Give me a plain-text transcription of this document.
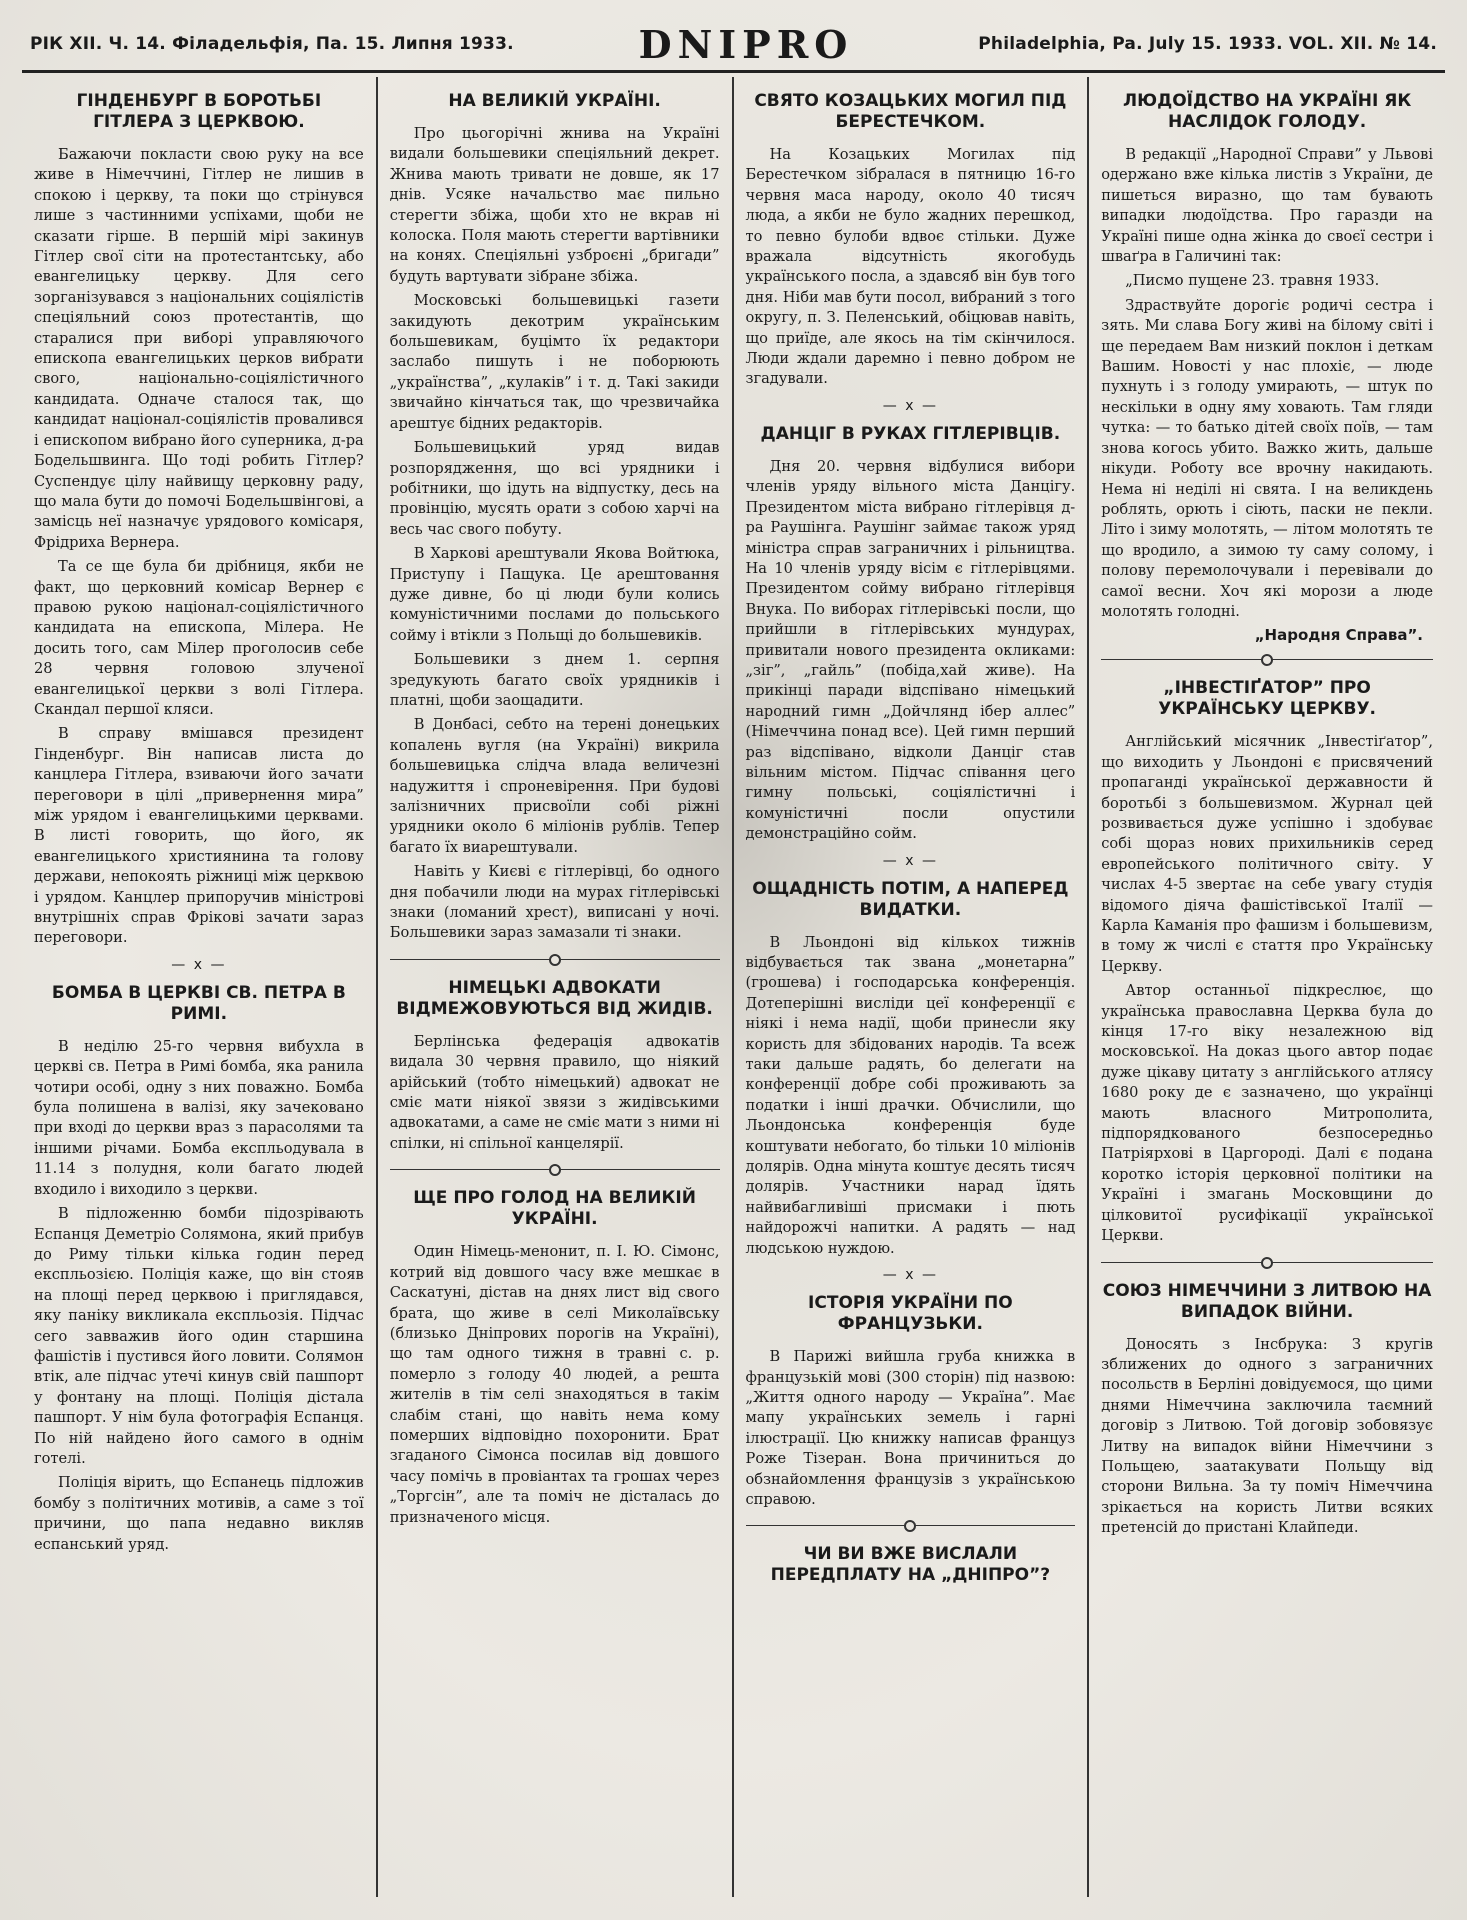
РІК XII. Ч. 14. Філадельфія, Па. 15. Липня 1933.	DNIPRO	Philadelphia, Pa. July 15. 1933. VOL. XII. № 14.
ГІНДЕНБУРГ В БОРОТЬБІ ГІТЛЕРА З ЦЕРКВОЮ.

Бажаючи покласти свою руку на все живе в Німеччині, Гітлер не лишив в спокою і церкву, та поки що стрінувся лише з частинними успіхами, щоби не сказати гірше. В першій мірі закинув Гітлер свої сіти на протестантську, або евангелицьку церкву. Для сего зорганізувався з національних соціялістів спеціяльний союз протестантів, що старалися при виборі управляючого епископа евангелицьких церков вибрати свого, національно-соціялістичного кандидата. Одначе сталося так, що кандидат націонал-соціялістів провалився і епископом вибрано його суперника, д-ра Бодельшвинга. Що тоді робить Гітлер? Суспендує цілу найвищу церковну раду, що мала бути до помочі Бодельшвінгові, а замісць неї назначує урядового комісаря, Фрідриха Вернера.

Та се ще була би дрібниця, якби не факт, що церковний комісар Вернер є правою рукою націонал-соціялістичного кандидата на епископа, Мілера. Не досить того, сам Мілер проголосив себе 28 червня головою злученої евангелицької церкви з волі Гітлера. Скандал першої кляси.

В справу вмішався президент Гінденбург. Він написав листа до канцлера Гітлера, взиваючи його зачати переговори в цілі „привернення мира” між урядом і евангелицькими церквами. В листі говорить, що його, як евангелицького християнина та голову держави, непокоять ріжниці між церквою і урядом. Канцлер припоручив міністрові внутрішніх справ Фрікові зачати зараз переговори.

— x —
БОМБА В ЦЕРКВІ СВ. ПЕТРА В РИМІ.

В неділю 25-го червня вибухла в церкві св. Петра в Римі бомба, яка ранила чотири особі, одну з них поважно. Бомба була полишена в валізі, яку зачековано при вході до церкви враз з парасолями та іншими річами. Бомба експльодувала в 11.14 з полудня, коли багато людей входило і виходило з церкви.

В підложенню бомби підозрівають Еспанця Деметріо Солямона, який прибув до Риму тільки кілька годин перед експльозією. Поліція каже, що він стояв на площі перед церквою і приглядався, яку паніку викликала експльозія. Підчас сего завважив його один старшина фашістів і пустився його ловити. Солямон втік, але підчас утечі кинув свій пашпорт у фонтану на площі. Поліція дістала пашпорт. У нім була фотографія Еспанця. По ній найдено його самого в однім готелі.

Поліція вірить, що Еспанець підложив бомбу з політичних мотивів, а саме з тої причини, що папа недавно викляв еспанський уряд.

НА ВЕЛИКІЙ УКРАЇНІ.

Про цьогорічні жнива на Україні видали большевики спеціяльний декрет. Жнива мають тривати не довше, як 17 днів. Усяке начальство має пильно стерегти збіжа, щоби хто не вкрав ні колоска. Поля мають стерегти вартівники на конях. Спеціяльні узброєні „бригади” будуть вартувати зібране збіжа.

Московські большевицькі газети закидують декотрим українським большевикам, буцімто їх редактори заслабо пишуть і не поборюють „українства”, „кулаків” і т. д. Такі закиди звичайно кінчаться так, що чрезвичайка арештує бідних редакторів.

Большевицький уряд видав розпорядження, що всі урядники і робітники, що ідуть на відпустку, десь на провінцію, мусять орати з собою харчі на весь час свого побуту.

В Харкові арештували Якова Войтюка, Приступу і Пащука. Це арештовання дуже дивне, бо ці люди були колись комуністичними послами до польського сойму і втікли з Польщі до большевиків.

Большевики з днем 1. серпня зредукують багато своїх урядників і платні, щоби заощадити.

В Донбасі, себто на терені донецьких копалень вугля (на Україні) викрила большевицька слідча влада величезні надужиття і спроневірення. При будові залізничних присвоїли собі ріжні урядники около 6 міліонів рублів. Тепер багато їх виарештували.

Навіть у Києві є гітлерівці, бо одного дня побачили люди на мурах гітлерівські знаки (ломаний хрест), виписані у ночі. Большевики зараз замазали ті знаки.

НІМЕЦЬКІ АДВОКАТИ ВІДМЕЖОВУЮТЬСЯ ВІД ЖИДІВ.

Берлінська федерація адвокатів видала 30 червня правило, що ніякий арійський (тобто німецький) адвокат не сміє мати ніякої звязи з жидівськими адвокатами, а саме не сміє мати з ними ні спілки, ні спільної канцелярії.

ЩЕ ПРО ГОЛОД НА ВЕЛИКІЙ УКРАЇНІ.

Один Німець-менонит, п. І. Ю. Сімонс, котрий від довшого часу вже мешкає в Саскатуні, дістав на днях лист від свого брата, що живе в селі Миколаївську (близько Дніпрових порогів на Україні), що там одного тижня в травні с. р. померло з голоду 40 людей, а решта жителів в тім селі знаходяться в такім слабім стані, що навіть нема кому померших відповідно похоронити. Брат згаданого Сімонса посилав від довшого часу помічь в провіантах та грошах через „Торгсін”, але та поміч не дісталась до призначеного місця.

СВЯТО КОЗАЦЬКИХ МОГИЛ ПІД БЕРЕСТЕЧКОМ.

На Козацьких Могилах під Берестечком зібралася в пятницю 16-го червня маса народу, около 40 тисяч люда, а якби не було жадних перешкод, то певно булоби вдвоє стільки. Дуже вражала відсутність якогобудь українського посла, а здавсяб він був того дня. Ніби мав бути посол, вибраний з того округу, п. З. Пеленський, обіцював навіть, що приїде, але якось на тім скінчилося. Люди ждали даремно і певно добром не згадували.

— x —
ДАНЦІГ В РУКАХ ГІТЛЕРІВЦІВ.

Дня 20. червня відбулися вибори членів уряду вільного міста Данцігу. Президентом міста вибрано гітлерівця д-ра Раушінга. Раушінг займає також уряд міністра справ заграничних і рільництва. На 10 членів уряду вісім є гітлерівцями. Президентом сойму вибрано гітлерівця Внука. По виборах гітлерівські посли, що прийшли в гітлерівських мундурах, привитали нового президента окликами: „зіг”, „гайль” (побіда,хай живе). На прикінці паради відспівано німецький народний гимн „Дойчлянд ібер аллес” (Німеччина понад все). Цей гимн перший раз відспівано, відколи Данціг став вільним містом. Підчас співання цего гимну польські, соціялістичні і комуністичні посли опустили демонстраційно сойм.

— x —
ОЩАДНІСТЬ ПОТІМ, А НАПЕРЕД ВИДАТКИ.

В Льондоні від кількох тижнів відбувається так звана „монетарна” (грошева) і господарська конференція. Дотеперішні висліди цеї конференції є ніякі і нема надії, щоби принесли яку користь для збідованих народів. Та всеж таки дальше радять, бо делегати на конференції добре собі проживають за податки і інші драчки. Обчислили, що Льондонська конференція буде коштувати небогато, бо тільки 10 міліонів долярів. Одна мінута коштує десять тисяч долярів. Участники нарад їдять найвибагливіші присмаки і пють найдорожчі напитки. А радять — над людською нуждою.

— x —
ІСТОРІЯ УКРАЇНИ ПО ФРАНЦУЗЬКИ.

В Парижі вийшла груба книжка в французькій мові (300 сторін) під назвою: „Життя одного народу — Україна”. Має мапу українських земель і гарні ілюстрації. Цю книжку написав француз Роже Тізеран. Вона причиниться до обзнайомлення французів з українською справою.

ЧИ ВИ ВЖЕ ВИСЛАЛИ ПЕРЕДПЛАТУ НА „ДНІПРО”?
ЛЮДОЇДСТВО НА УКРАЇНІ ЯК НАСЛІДОК ГОЛОДУ.

В редакції „Народної Справи” у Львові одержано вже кілька листів з України, де пишеться виразно, що там бувають випадки людоїдства. Про гаразди на Україні пише одна жінка до своєї сестри і шваґра в Галичині так:

„Писмо пущене 23. травня 1933.

Здраствуйте дорогіє родичі сестра і зять. Ми слава Богу живі на білому світі і ще передаем Вам низкий поклон і деткам Вашим. Новості у нас плохіє, — люде пухнуть і з голоду умирають, — штук по нескільки в одну яму ховають. Там гляди чутка: — то батько дітей своїх поїв, — там знова когось убито. Важко жить, дальше нікуди. Роботу все врочну накидають. Нема ні неділі ні свята. І на великдень роблять, орють і сіють, паски не пекли. Літо і зиму молотять, — літом молотять те що вродило, а зимою ту саму солому, і полову перемолочували і перевівали до самої весни. Хоч які морози а люде молотять голодні.

„Народня Справа”.
„ІНВЕСТІҐАТОР” ПРО УКРАЇНСЬКУ ЦЕРКВУ.

Англійський місячник „Інвестіґатор”, що виходить у Льондоні є присвячений пропаганді української державности й боротьбі з большевизмом. Журнал цей розвивається дуже успішно і здобуває собі щораз нових прихильників серед европейського політичного світу. У числах 4-5 звертає на себе увагу студія відомого діяча фашістівської Італії — Карла Каманія про фашизм і большевизм, в тому ж числі є стаття про Українську Церкву.

Автор останньої підкреслює, що українська православна Церква була до кінця 17-го віку незалежною від московської. На доказ цього автор подає дуже цікаву цитату з англійського атлясу 1680 року де є зазначено, що українці мають власного Митрополита, підпорядкованого безпосередньо Патріярхові в Царгороді. Далі є подана коротко історія церковної політики на Україні і змагань Московщини до цілковитої русифікації української Церкви.

СОЮЗ НІМЕЧЧИНИ З ЛИТВОЮ НА ВИПАДОК ВІЙНИ.

Доносять з Інсбрука: З кругів зближених до одного з заграничних посольств в Берліні довідуємося, що цими днями Німеччина заключила таємний договір з Литвою. Той договір зобовязує Литву на випадок війни Німеччини з Польщею, заатакувати Польщу від сторони Вильна. За ту поміч Німеччина зрікається на користь Литви всяких претенсій до пристані Клайпеди.
